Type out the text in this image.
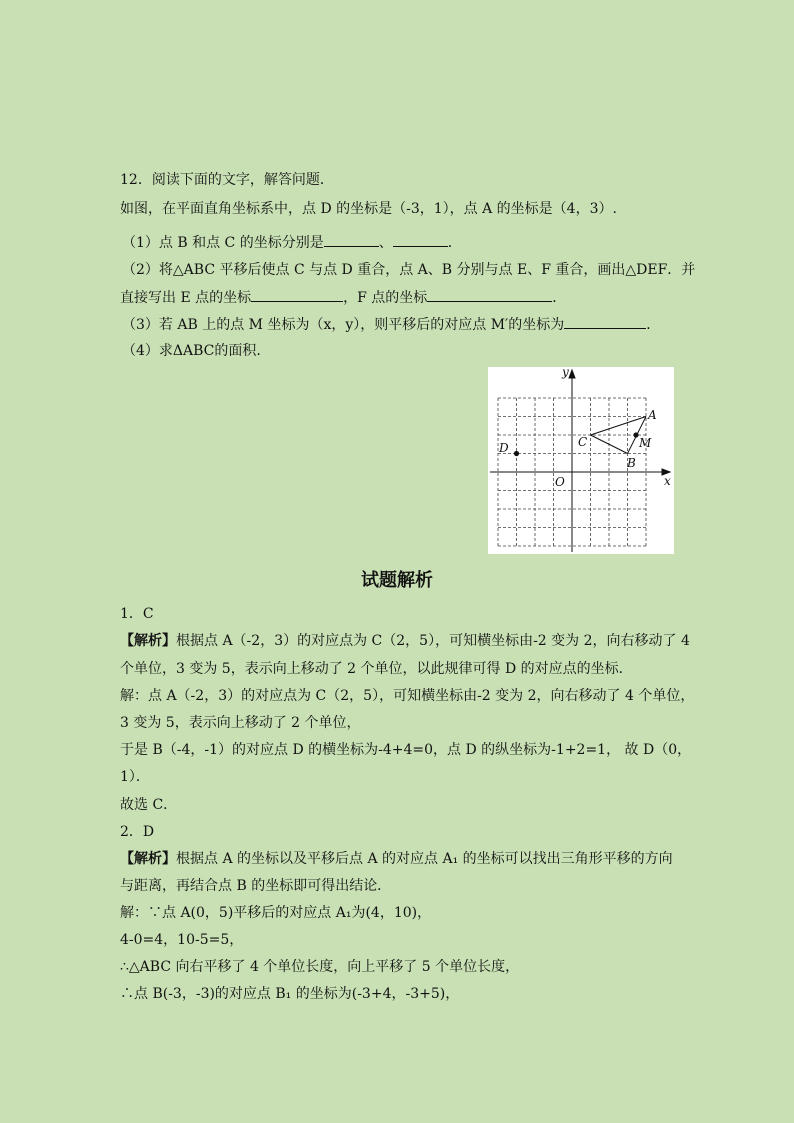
12．阅读下面的文字，解答问题．
如图，在平面直角坐标系中，点 D 的坐标是（-3，1），点 A 的坐标是（4，3）.
（1）点 B 和点 C 的坐标分别是	、	．
（2）将△ABC 平移后使点 C 与点 D 重合，点 A、B 分别与点 E、F 重合，画出△DEF．并
直接写出 E 点的坐标	，F 点的坐标	．
（3）若 AB 上的点 M 坐标为（x，y），则平移后的对应点 M′的坐标为	．
（4）求ΔABC的面积.
y
x
O
A
B
C
D	M
试题解析
1．C
【解析】根据点 A（-2，3）的对应点为 C（2，5），可知横坐标由-2 变为 2，向右移动了 4
个单位，3 变为 5，表示向上移动了 2 个单位，以此规律可得 D 的对应点的坐标．
解：点 A（-2，3）的对应点为 C（2，5），可知横坐标由-2 变为 2，向右移动了 4 个单位，
3 变为 5，表示向上移动了 2 个单位，
于是 B（-4，-1）的对应点 D 的横坐标为-4+4=0，点 D 的纵坐标为-1+2=1， 故 D（0，
1）．
故选 C．
2．D
【解析】根据点 A 的坐标以及平移后点 A 的对应点 A₁ 的坐标可以找出三角形平移的方向
与距离，再结合点 B 的坐标即可得出结论．
解：∵点 A(0，5)平移后的对应点 A₁为(4，10)，
4-0=4，10-5=5，
∴△ABC 向右平移了 4 个单位长度，向上平移了 5 个单位长度，
∴点 B(-3，-3)的对应点 B₁ 的坐标为(-3+4，-3+5)，
